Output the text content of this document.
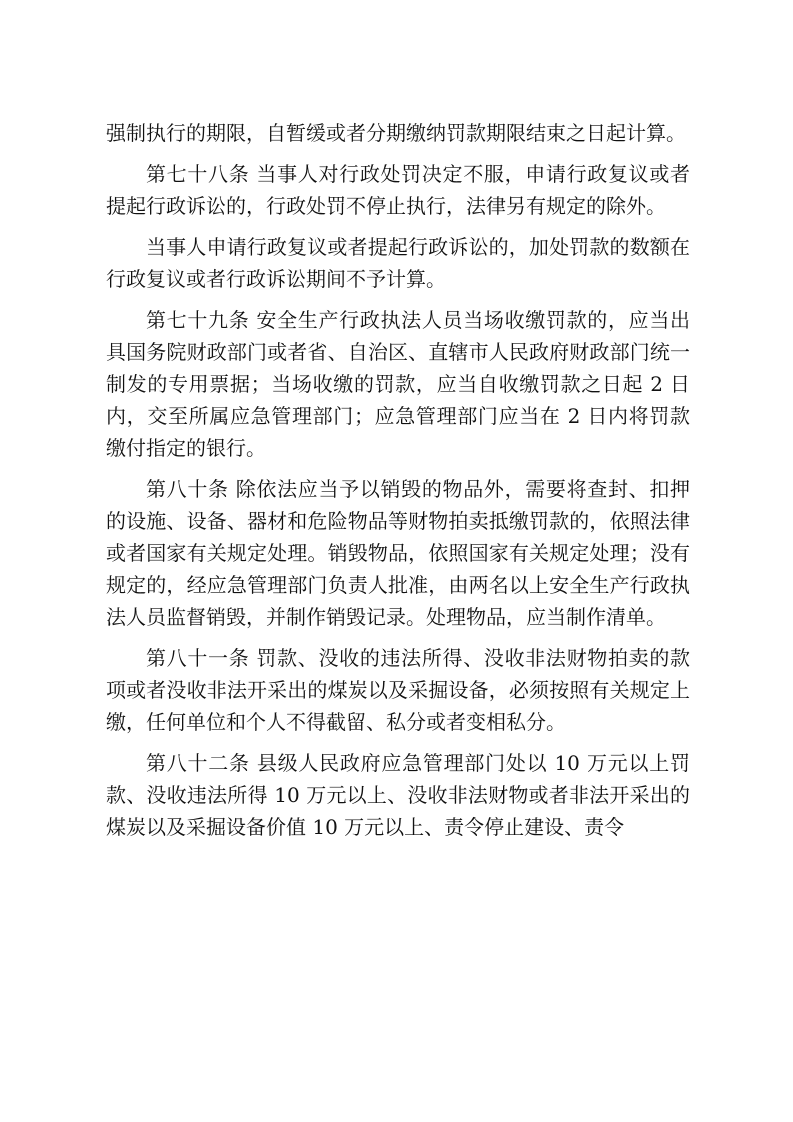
强制执行的期限，自暂缓或者分期缴纳罚款期限结束之日起计算。

第七十八条 当事人对行政处罚决定不服，申请行政复议或者提起行政诉讼的，行政处罚不停止执行，法律另有规定的除外。

当事人申请行政复议或者提起行政诉讼的，加处罚款的数额在行政复议或者行政诉讼期间不予计算。

第七十九条 安全生产行政执法人员当场收缴罚款的，应当出具国务院财政部门或者省、自治区、直辖市人民政府财政部门统一制发的专用票据；当场收缴的罚款，应当自收缴罚款之日起 2 日内，交至所属应急管理部门；应急管理部门应当在 2 日内将罚款缴付指定的银行。

第八十条 除依法应当予以销毁的物品外，需要将查封、扣押的设施、设备、器材和危险物品等财物拍卖抵缴罚款的，依照法律或者国家有关规定处理。销毁物品，依照国家有关规定处理；没有规定的，经应急管理部门负责人批准，由两名以上安全生产行政执法人员监督销毁，并制作销毁记录。处理物品，应当制作清单。

第八十一条 罚款、没收的违法所得、没收非法财物拍卖的款项或者没收非法开采出的煤炭以及采掘设备，必须按照有关规定上缴，任何单位和个人不得截留、私分或者变相私分。

第八十二条 县级人民政府应急管理部门处以 10 万元以上罚款、没收违法所得 10 万元以上、没收非法财物或者非法开采出的煤炭以及采掘设备价值 10 万元以上、责令停止建设、责令
